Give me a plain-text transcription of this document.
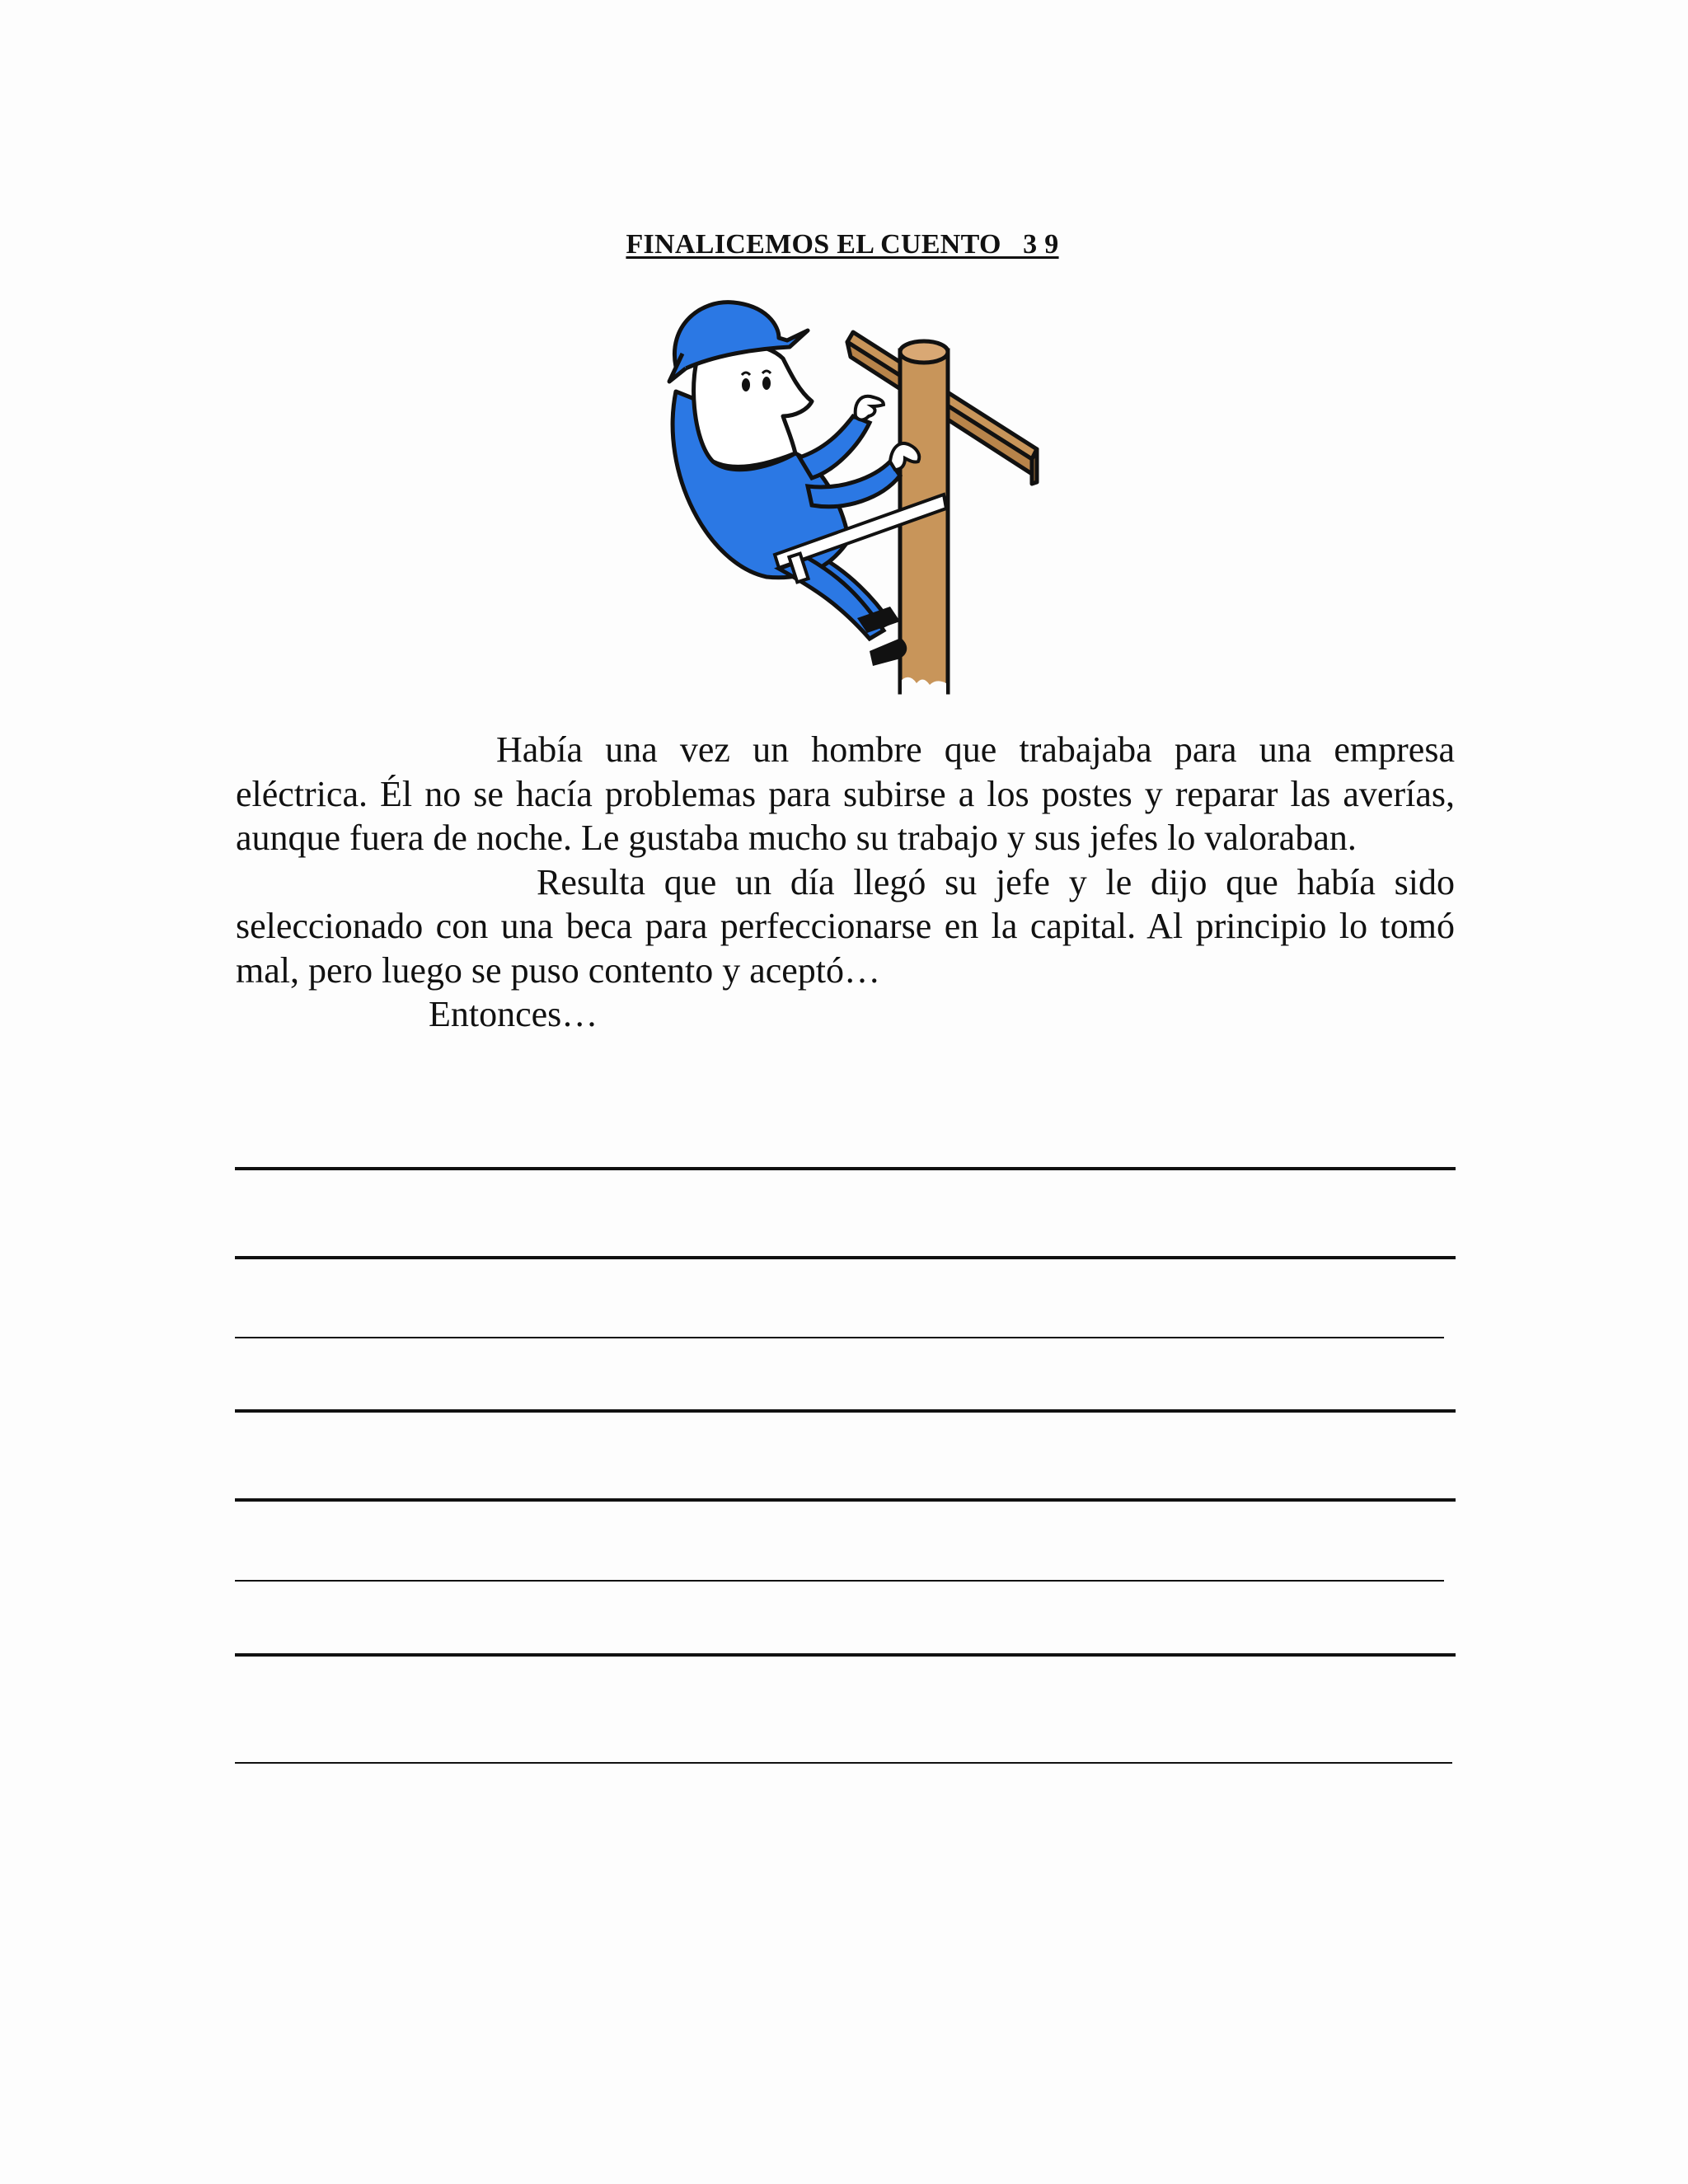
FINALICEMOS EL CUENTO   3 9

Había una vez un hombre que trabajaba para una empresa eléctrica. Él no se hacía problemas para subirse a los postes y reparar las averías, aunque fuera de noche. Le gustaba mucho su trabajo y sus jefes lo valoraban.

Resulta que un día llegó su jefe y le dijo que había sido seleccionado con una beca para perfeccionarse en la capital. Al principio lo tomó mal, pero luego se puso contento y aceptó…

Entonces…
